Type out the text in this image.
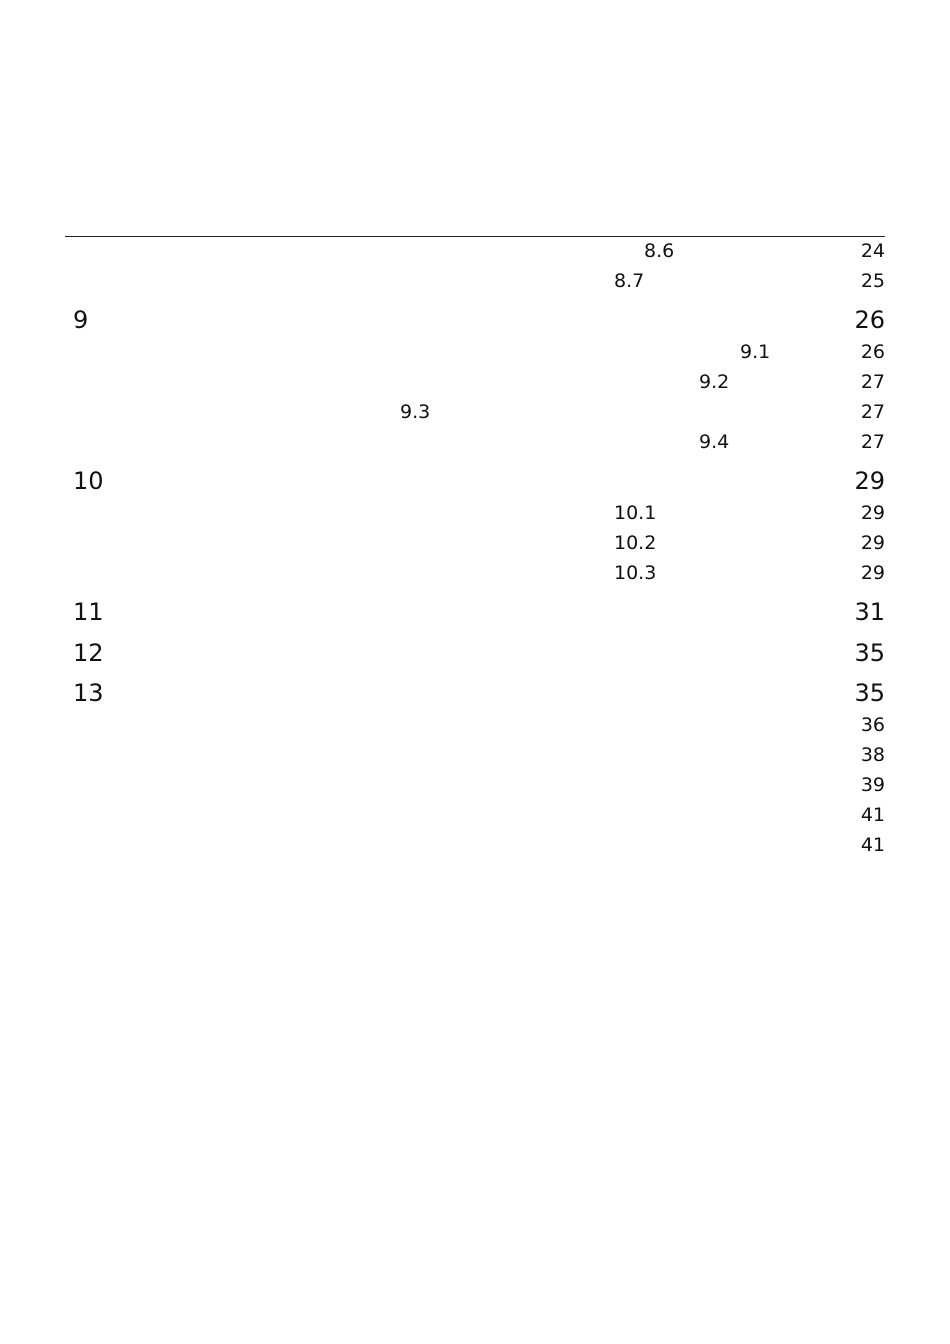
8.6	24
8.7	25
9	26
9.1	26
9.2	27
9.3	27
9.4	27
10	29
10.1	29
10.2	29
10.3	29
11	31
12	35
13	35
36
38
39
41
41
